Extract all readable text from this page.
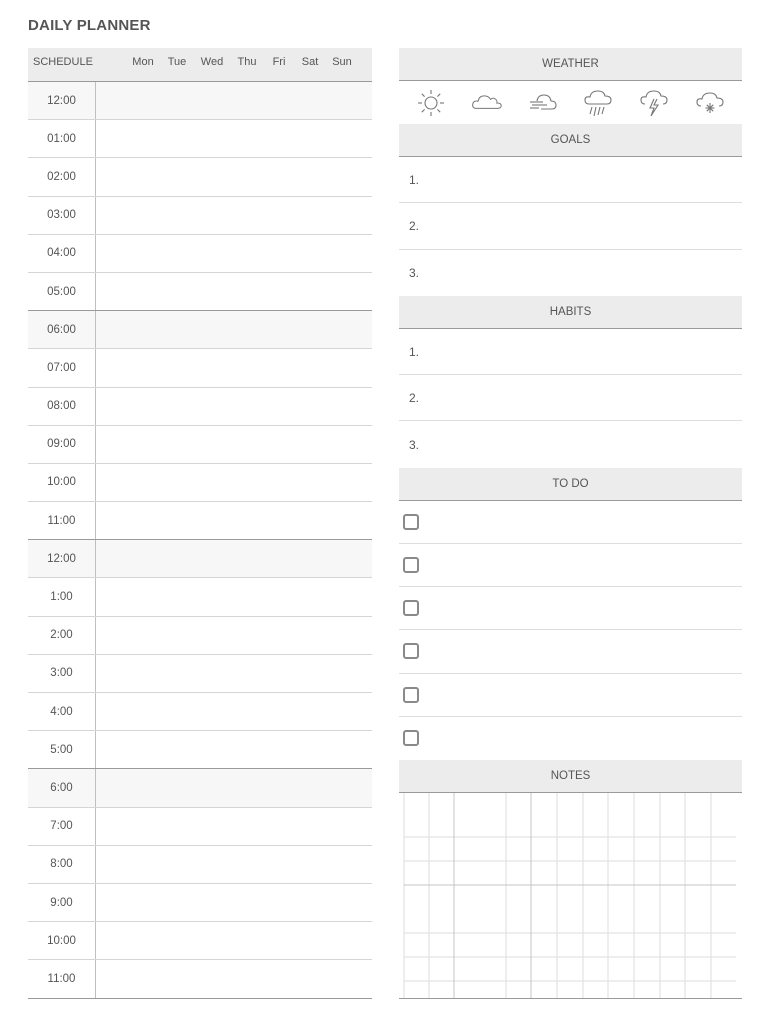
DAILY PLANNER
SCHEDULE	Mon	Tue	Wed	Thu	Fri	Sat	Sun
12:00
01:00
02:00
03:00
04:00
05:00
06:00
07:00
08:00
09:00
10:00
11:00
12:00
1:00
2:00
3:00
4:00
5:00
6:00
7:00
8:00
9:00
10:00
11:00
WEATHER
GOALS
1.
2.
3.
HABITS
1.
2.
3.
TO DO
NOTES
